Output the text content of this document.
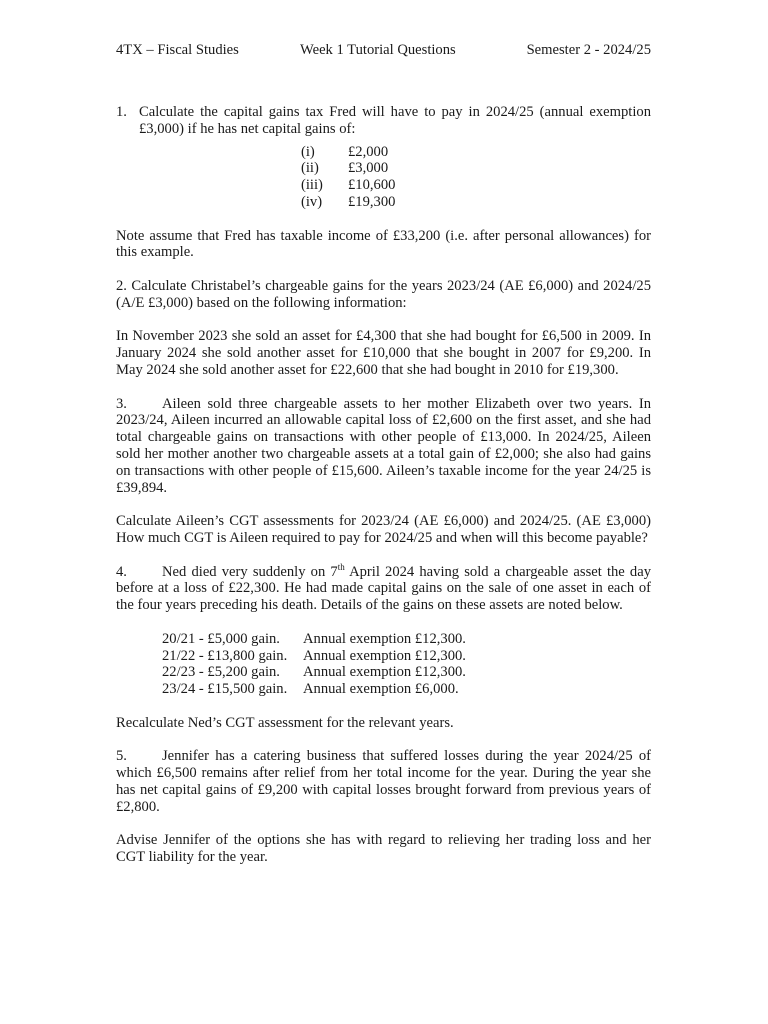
4TX – Fiscal Studies	Week 1 Tutorial Questions	Semester 2 - 2024/25
1. Calculate the capital gains tax Fred will have to pay in 2024/25 (annual exemption £3,000) if he has net capital gains of:

(i)	£2,000
(ii)	£3,000
(iii)	£10,600
(iv)	£19,300

Note assume that Fred has taxable income of £33,200 (i.e. after personal allowances) for this example.

2. Calculate Christabel’s chargeable gains for the years 2023/24 (AE £6,000) and 2024/25 (A/E £3,000) based on the following information:

In November 2023 she sold an asset for £4,300 that she had bought for £6,500 in 2009. In January 2024 she sold another asset for £10,000 that she bought in 2007 for £9,200. In May 2024 she sold another asset for £22,600 that she had bought in 2010 for £19,300.

3. Aileen sold three chargeable assets to her mother Elizabeth over two years. In 2023/24, Aileen incurred an allowable capital loss of £2,600 on the first asset, and she had total chargeable gains on transactions with other people of £13,000. In 2024/25, Aileen sold her mother another two chargeable assets at a total gain of £2,000; she also had gains on transactions with other people of £15,600. Aileen’s taxable income for the year 24/25 is £39,894.

Calculate Aileen’s CGT assessments for 2023/24 (AE £6,000) and 2024/25. (AE £3,000) How much CGT is Aileen required to pay for 2024/25 and when will this become payable?

4. Ned died very suddenly on 7th April 2024 having sold a chargeable asset the day before at a loss of £22,300. He had made capital gains on the sale of one asset in each of the four years preceding his death. Details of the gains on these assets are noted below.

20/21 - £5,000 gain.	Annual exemption £12,300.
21/22 - £13,800 gain.	Annual exemption £12,300.
22/23 - £5,200 gain.	Annual exemption £12,300.
23/24 - £15,500 gain.	Annual exemption £6,000.

Recalculate Ned’s CGT assessment for the relevant years.

5. Jennifer has a catering business that suffered losses during the year 2024/25 of which £6,500 remains after relief from her total income for the year. During the year she has net capital gains of £9,200 with capital losses brought forward from previous years of £2,800.

Advise Jennifer of the options she has with regard to relieving her trading loss and her CGT liability for the year.
